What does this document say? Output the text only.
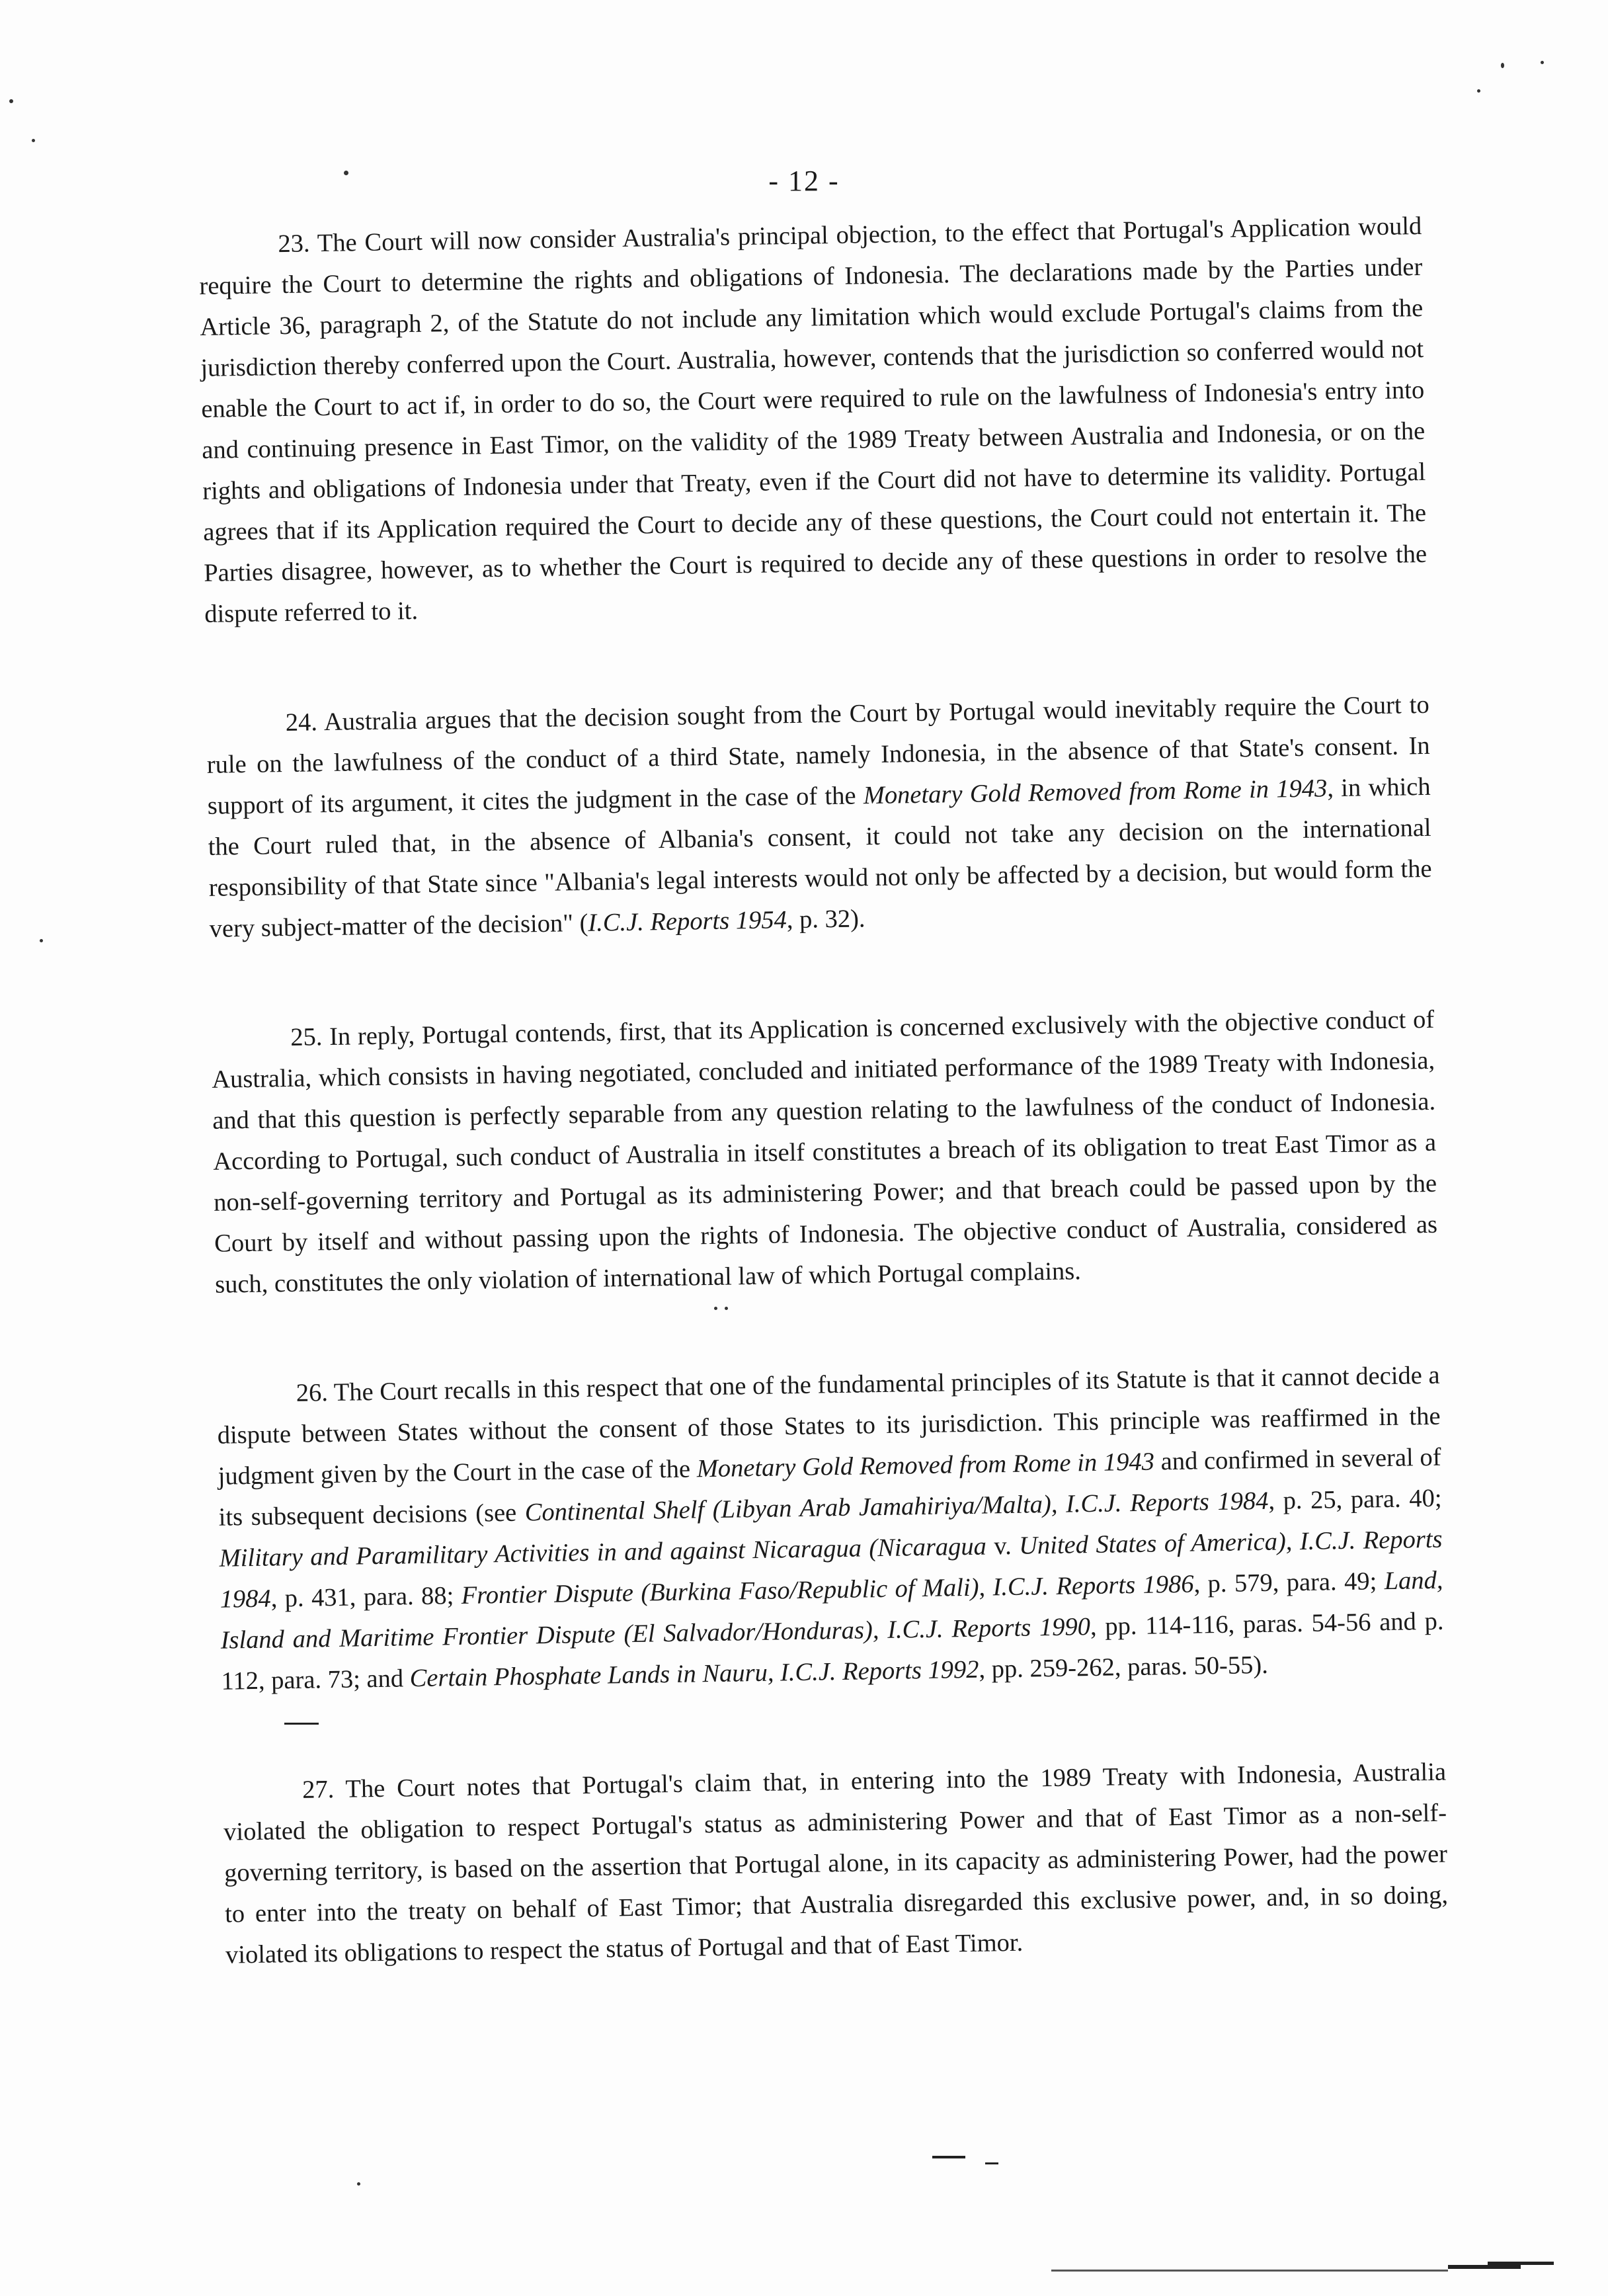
- 12 -

23. The Court will now consider Australia's principal objection, to the effect that Portugal's Application would require the Court to determine the rights and obligations of Indonesia. The declarations made by the Parties under Article 36, paragraph 2, of the Statute do not include any limitation which would exclude Portugal's claims from the jurisdiction thereby conferred upon the Court. Australia, however, contends that the jurisdiction so conferred would not enable the Court to act if, in order to do so, the Court were required to rule on the lawfulness of Indonesia's entry into and continuing presence in East Timor, on the validity of the 1989 Treaty between Australia and Indonesia, or on the rights and obligations of Indonesia under that Treaty, even if the Court did not have to determine its validity. Portugal agrees that if its Application required the Court to decide any of these questions, the Court could not entertain it. The Parties disagree, however, as to whether the Court is required to decide any of these questions in order to resolve the dispute referred to it.

24. Australia argues that the decision sought from the Court by Portugal would inevitably require the Court to rule on the lawfulness of the conduct of a third State, namely Indonesia, in the absence of that State's consent. In support of its argument, it cites the judgment in the case of the Monetary Gold Removed from Rome in 1943, in which the Court ruled that, in the absence of Albania's consent, it could not take any decision on the international responsibility of that State since "Albania's legal interests would not only be affected by a decision, but would form the very subject-matter of the decision" (I.C.J. Reports 1954, p. 32).

25. In reply, Portugal contends, first, that its Application is concerned exclusively with the objective conduct of Australia, which consists in having negotiated, concluded and initiated performance of the 1989 Treaty with Indonesia, and that this question is perfectly separable from any question relating to the lawfulness of the conduct of Indonesia. According to Portugal, such conduct of Australia in itself constitutes a breach of its obligation to treat East Timor as a non-self-governing territory and Portugal as its administering Power; and that breach could be passed upon by the Court by itself and without passing upon the rights of Indonesia. The objective conduct of Australia, considered as such, constitutes the only violation of international law of which Portugal complains.

26. The Court recalls in this respect that one of the fundamental principles of its Statute is that it cannot decide a dispute between States without the consent of those States to its jurisdiction. This principle was reaffirmed in the judgment given by the Court in the case of the Monetary Gold Removed from Rome in 1943 and confirmed in several of its subsequent decisions (see Continental Shelf (Libyan Arab Jamahiriya/Malta), I.C.J. Reports 1984, p. 25, para. 40; Military and Paramilitary Activities in and against Nicaragua (Nicaragua v. United States of America), I.C.J. Reports 1984, p. 431, para. 88; Frontier Dispute (Burkina Faso/Republic of Mali), I.C.J. Reports 1986, p. 579, para. 49; Land, Island and Maritime Frontier Dispute (El Salvador/Honduras), I.C.J. Reports 1990, pp. 114-116, paras. 54-56 and p. 112, para. 73; and Certain Phosphate Lands in Nauru, I.C.J. Reports 1992, pp. 259-262, paras. 50-55).

27. The Court notes that Portugal's claim that, in entering into the 1989 Treaty with Indonesia, Australia violated the obligation to respect Portugal's status as administering Power and that of East Timor as a non-self-governing territory, is based on the assertion that Portugal alone, in its capacity as administering Power, had the power to enter into the treaty on behalf of East Timor; that Australia disregarded this exclusive power, and, in so doing, violated its obligations to respect the status of Portugal and that of East Timor.
